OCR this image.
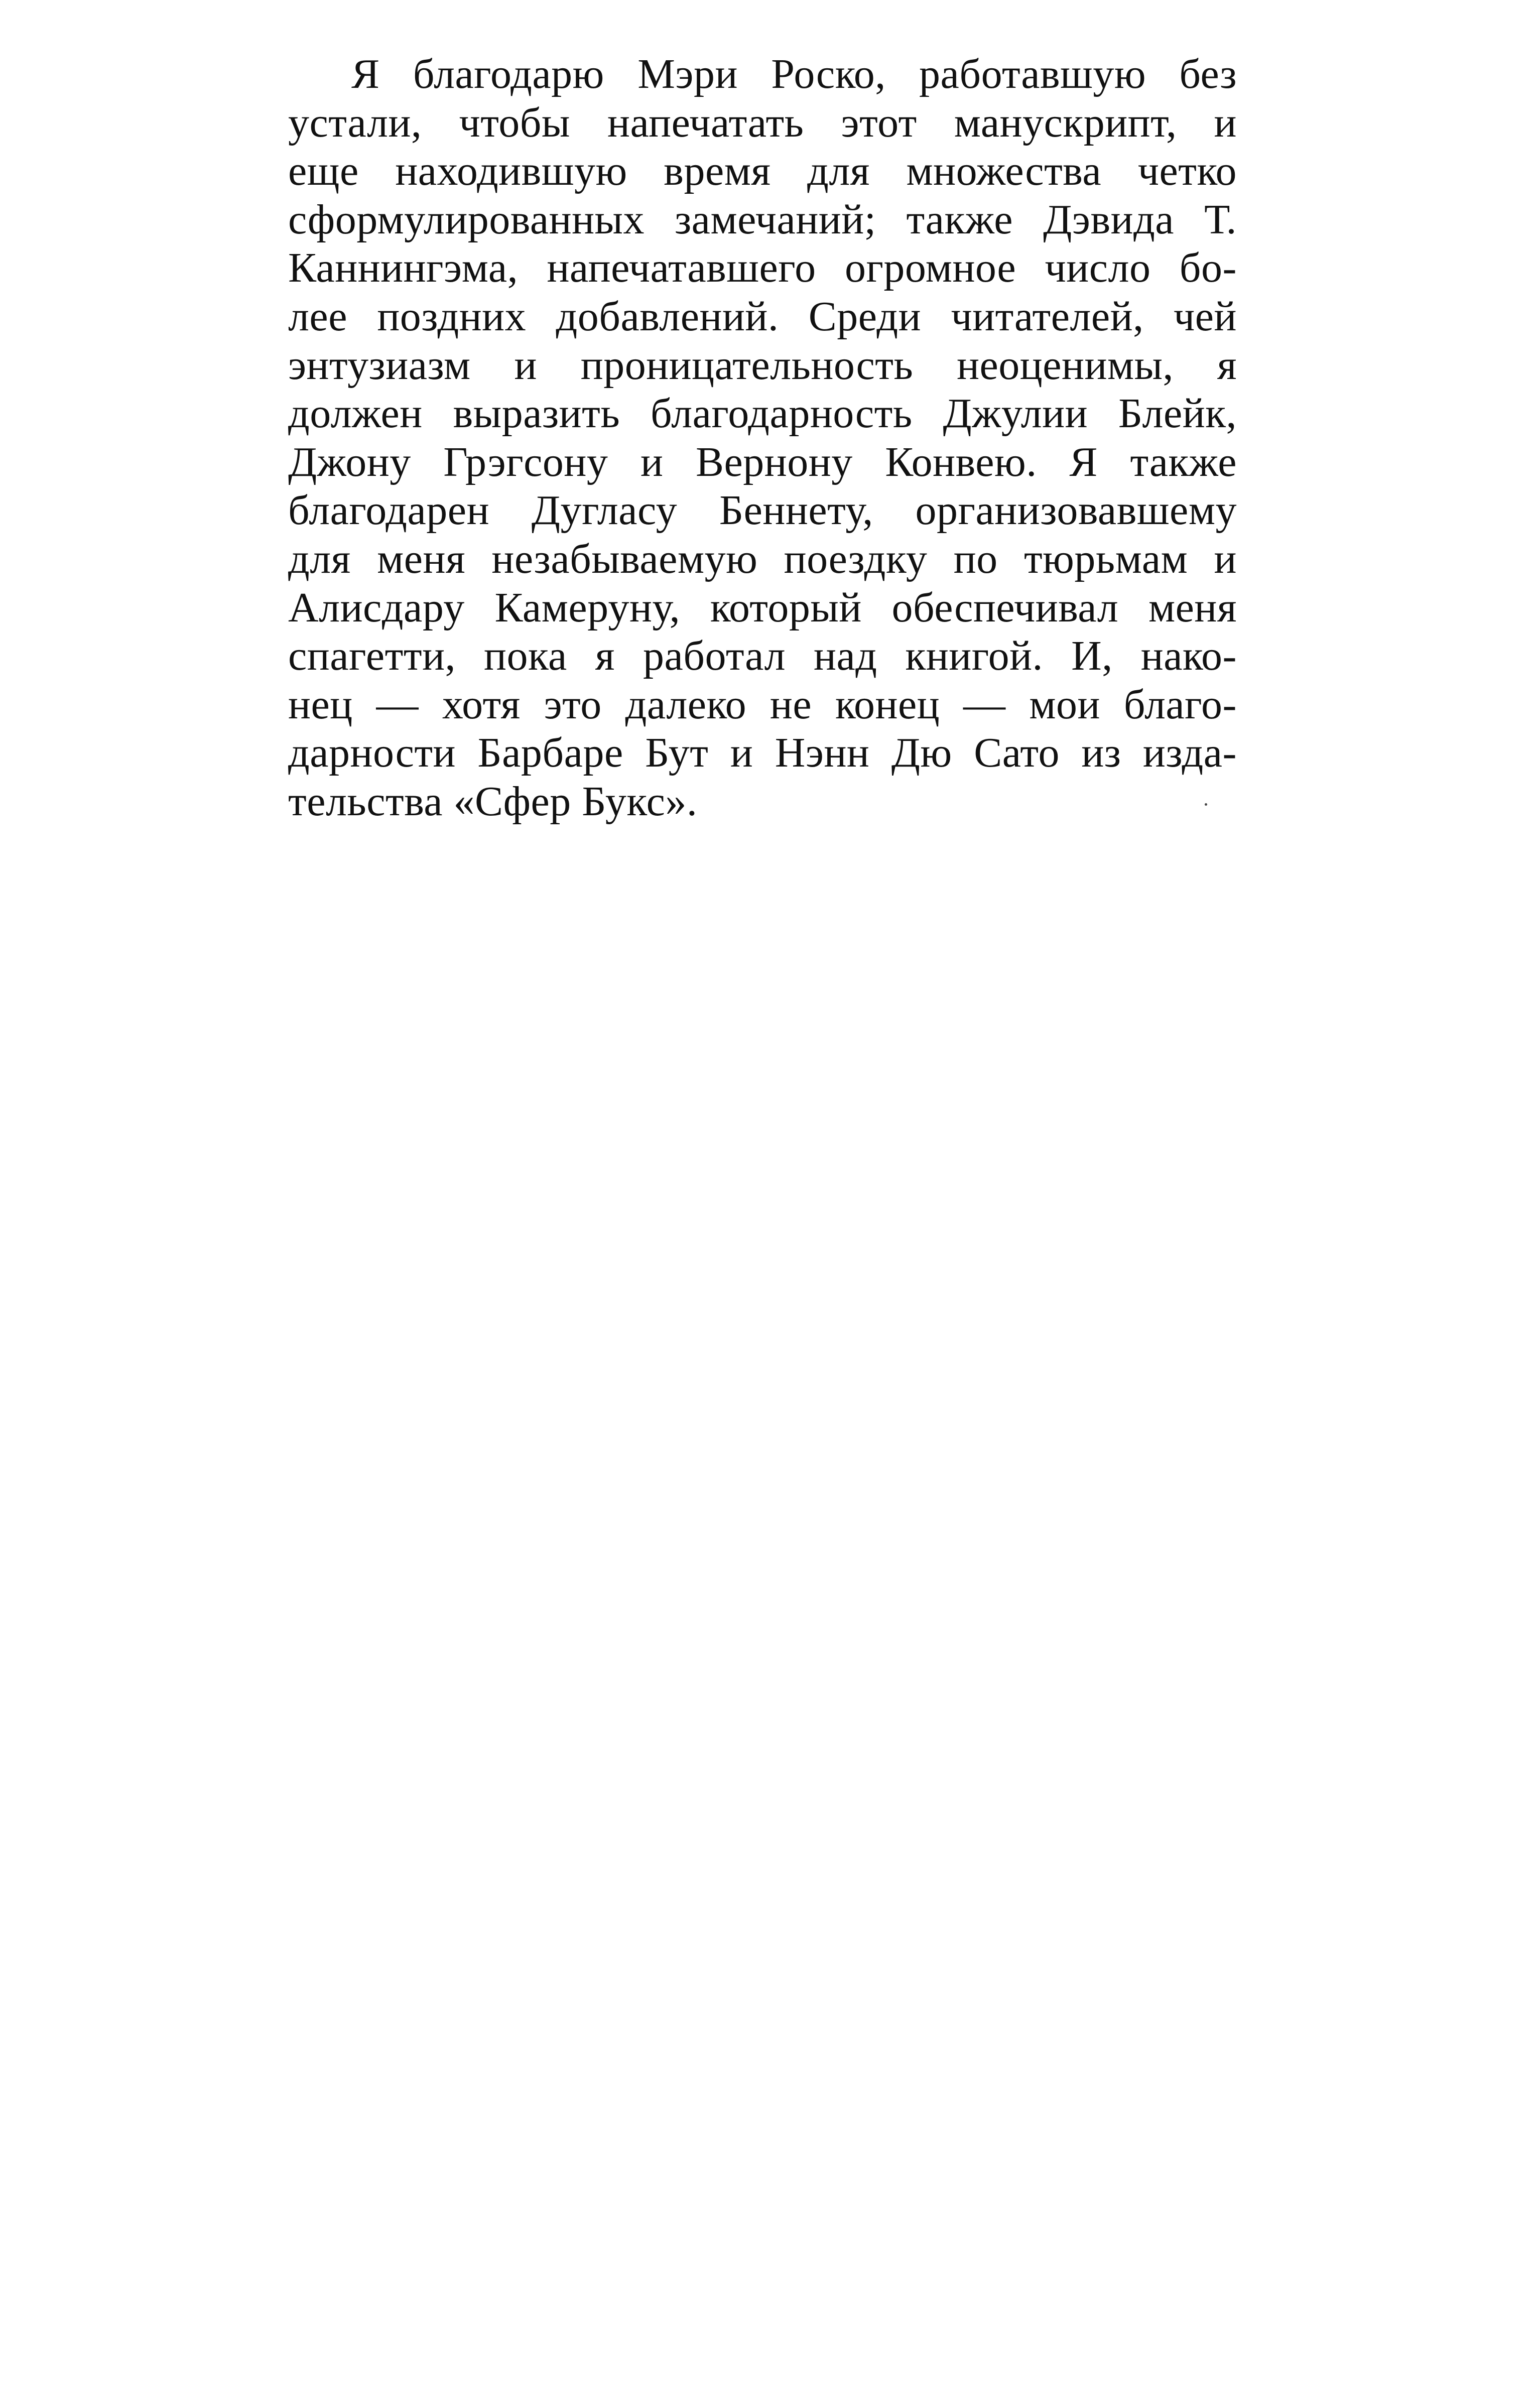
Я благодарю Мэри Роско, работавшую без
устали, чтобы напечатать этот манускрипт, и
еще находившую время для множества четко
сформулированных замечаний; также Дэвида Т.
Каннингэма, напечатавшего огромное число бо-
лее поздних добавлений. Среди читателей, чей
энтузиазм и проницательность неоценимы, я
должен выразить благодарность Джулии Блейк,
Джону Грэгсону и Вернону Конвею. Я также
благодарен Дугласу Беннету, организовавшему
для меня незабываемую поездку по тюрьмам и
Алисдару Камеруну, который обеспечивал меня
спагетти, пока я работал над книгой. И, нако-
нец — хотя это далеко не конец — мои благо-
дарности Барбаре Бут и Нэнн Дю Сато из изда-
тельства «Сфер Букс».
